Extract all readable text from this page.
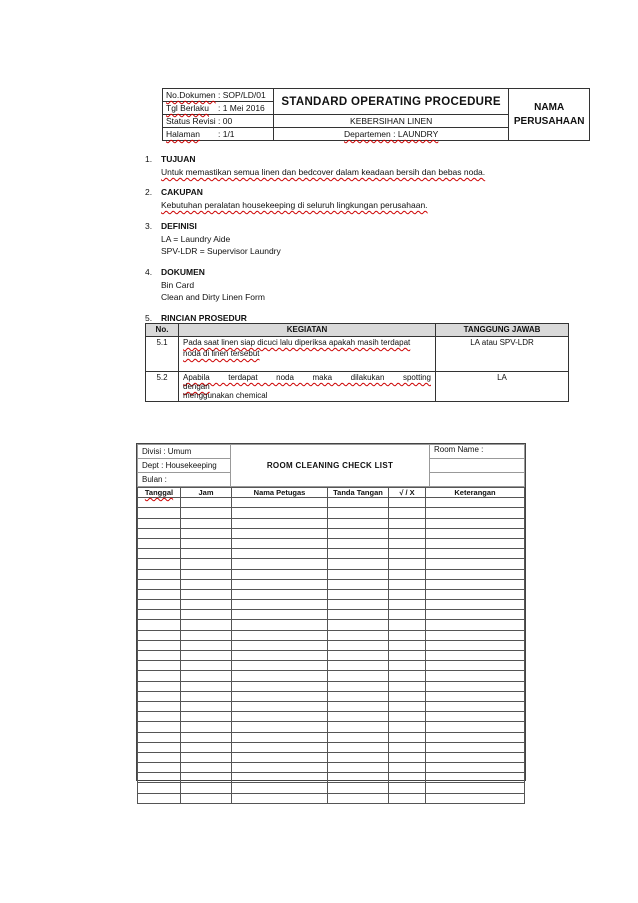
No.Dokumen : SOP/LD/01	STANDARD OPERATING PROCEDURE	NAMA
PERUSAHAAN

Tgl Berlaku : 1 Mei 2016		
Status Revisi : 00	KEBERSIHAN LINEN	
Halaman : 1/1	Departemen : LAUNDRY	
1. TUJUAN
Untuk memastikan semua linen dan bedcover dalam keadaan bersih dan bebas noda.
2. CAKUPAN
Kebutuhan peralatan housekeeping di seluruh lingkungan perusahaan.
3. DEFINISI
LA = Laundry Aide
SPV-LDR = Supervisor Laundry
4. DOKUMEN
Bin Card
Clean and Dirty Linen Form
5. RINCIAN PROSEDUR
No.	KEGIATAN	TANGGUNG JAWAB
5.1	Pada saat linen siap dicuci lalu diperiksa apakah masih terdapat
noda di linen tersebut	LA atau SPV-LDR
5.2	Apabila terdapat noda maka dilakukan spotting dengan
menggunakan chemical	LA
Divisi : Umum	ROOM CLEANING CHECK LIST	Room Name :
Dept : Housekeeping		
Bulan :		
Tanggal	Jam	Nama Petugas	Tanda Tangan	√ / X	Keterangan
